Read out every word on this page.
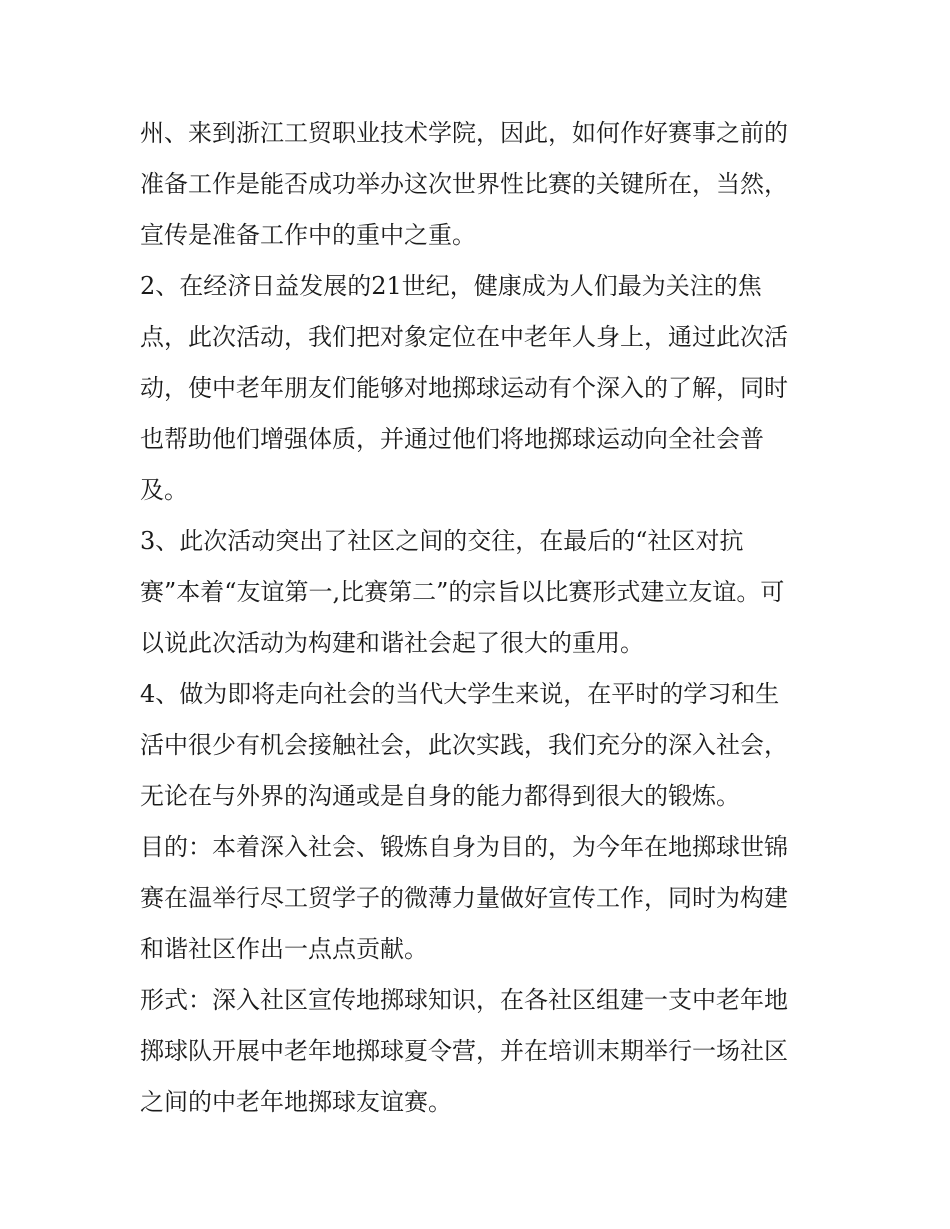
州、来到浙江工贸职业技术学院，因此，如何作好赛事之前的
准备工作是能否成功举办这次世界性比赛的关键所在，当然，
宣传是准备工作中的重中之重。
2、在经济日益发展的21世纪，健康成为人们最为关注的焦
点，此次活动，我们把对象定位在中老年人身上，通过此次活
动，使中老年朋友们能够对地掷球运动有个深入的了解，同时
也帮助他们增强体质，并通过他们将地掷球运动向全社会普
及。
3、此次活动突出了社区之间的交往，在最后的“社区对抗
赛”本着“友谊第一,比赛第二”的宗旨以比赛形式建立友谊。可
以说此次活动为构建和谐社会起了很大的重用。
4、做为即将走向社会的当代大学生来说，在平时的学习和生
活中很少有机会接触社会，此次实践，我们充分的深入社会，
无论在与外界的沟通或是自身的能力都得到很大的锻炼。
目的：本着深入社会、锻炼自身为目的，为今年在地掷球世锦
赛在温举行尽工贸学子的微薄力量做好宣传工作，同时为构建
和谐社区作出一点点贡献。
形式：深入社区宣传地掷球知识，在各社区组建一支中老年地
掷球队开展中老年地掷球夏令营，并在培训末期举行一场社区
之间的中老年地掷球友谊赛。
